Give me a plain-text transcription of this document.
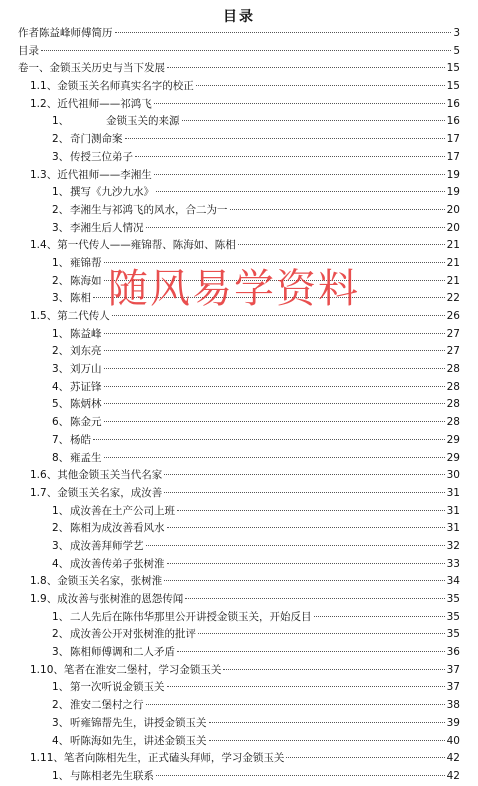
目录
作者陈益峰师傅简历	3
目录	5
卷一、金锁玉关历史与当下发展	15
1.1、 金锁玉关名师真实名字的校正	15
1.2、 近代祖师——祁鸿飞	16
1、	金锁玉关的来源	16
2、 奇门测命案	17
3、 传授三位弟子	17
1.3、 近代祖师——李湘生	19
1、 撰写《九沙九水》	19
2、 李湘生与祁鸿飞的风水，合二为一	20
3、 李湘生后人情况	20
1.4、 第一代传人——雍锦帮、陈海如、陈相	21
1、 雍锦帮	21
2、 陈海如	21
3、 陈相	22
1.5、 第二代传人	26
1、 陈益峰	27
2、 刘东亮	27
3、 刘万山	28
4、 苏证锋	28
5、 陈炳林	28
6、 陈金元	28
7、 杨皓	29
8、 雍孟生	29
1.6、 其他金锁玉关当代名家	30
1.7、 金锁玉关名家，成汝善	31
1、 成汝善在土产公司上班	31
2、 陈相为成汝善看风水	31
3、 成汝善拜师学艺	32
4、 成汝善传弟子张树淮	33
1.8、 金锁玉关名家，张树淮	34
1.9、 成汝善与张树淮的恩怨传闻	35
1、 二人先后在陈伟华那里公开讲授金锁玉关，开始反目	35
2、 成汝善公开对张树淮的批评	35
3、 陈相师傅调和二人矛盾	36
1.10、 笔者在淮安二堡村，学习金锁玉关	37
1、 第一次听说金锁玉关	37
2、 淮安二堡村之行	38
3、 听雍锦帮先生，讲授金锁玉关	39
4、 听陈海如先生，讲述金锁玉关	40
1.11、 笔者向陈相先生，正式磕头拜师，学习金锁玉关	42
1、 与陈相老先生联系	42
随风易学资料
